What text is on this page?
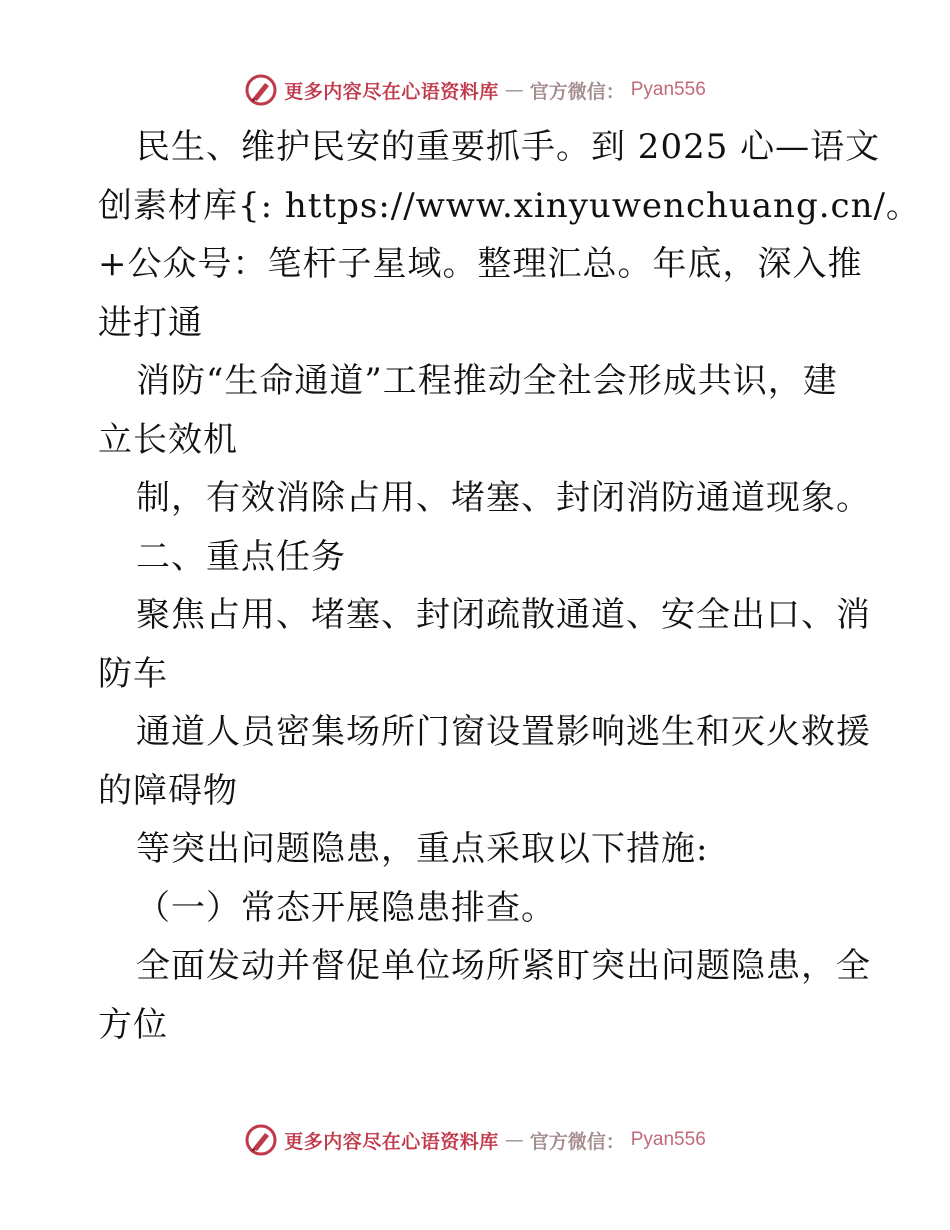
更多内容尽在心语资料库 — 官方微信： Pyan556
民生、维护民安的重要抓手。到 2025 心—语文
创素材库{: https://www.xinyuwenchuang.cn/。
+公众号：笔杆子星域。整理汇总。年底，深入推
进打通
消防“生命通道”工程推动全社会形成共识，建
立长效机
制，有效消除占用、堵塞、封闭消防通道现象。
二、重点任务
聚焦占用、堵塞、封闭疏散通道、安全出口、消
防车
通道人员密集场所门窗设置影响逃生和灭火救援
的障碍物
等突出问题隐患，重点采取以下措施:
（一）常态开展隐患排查。
全面发动并督促单位场所紧盯突出问题隐患，全
方位
更多内容尽在心语资料库 — 官方微信： Pyan556
